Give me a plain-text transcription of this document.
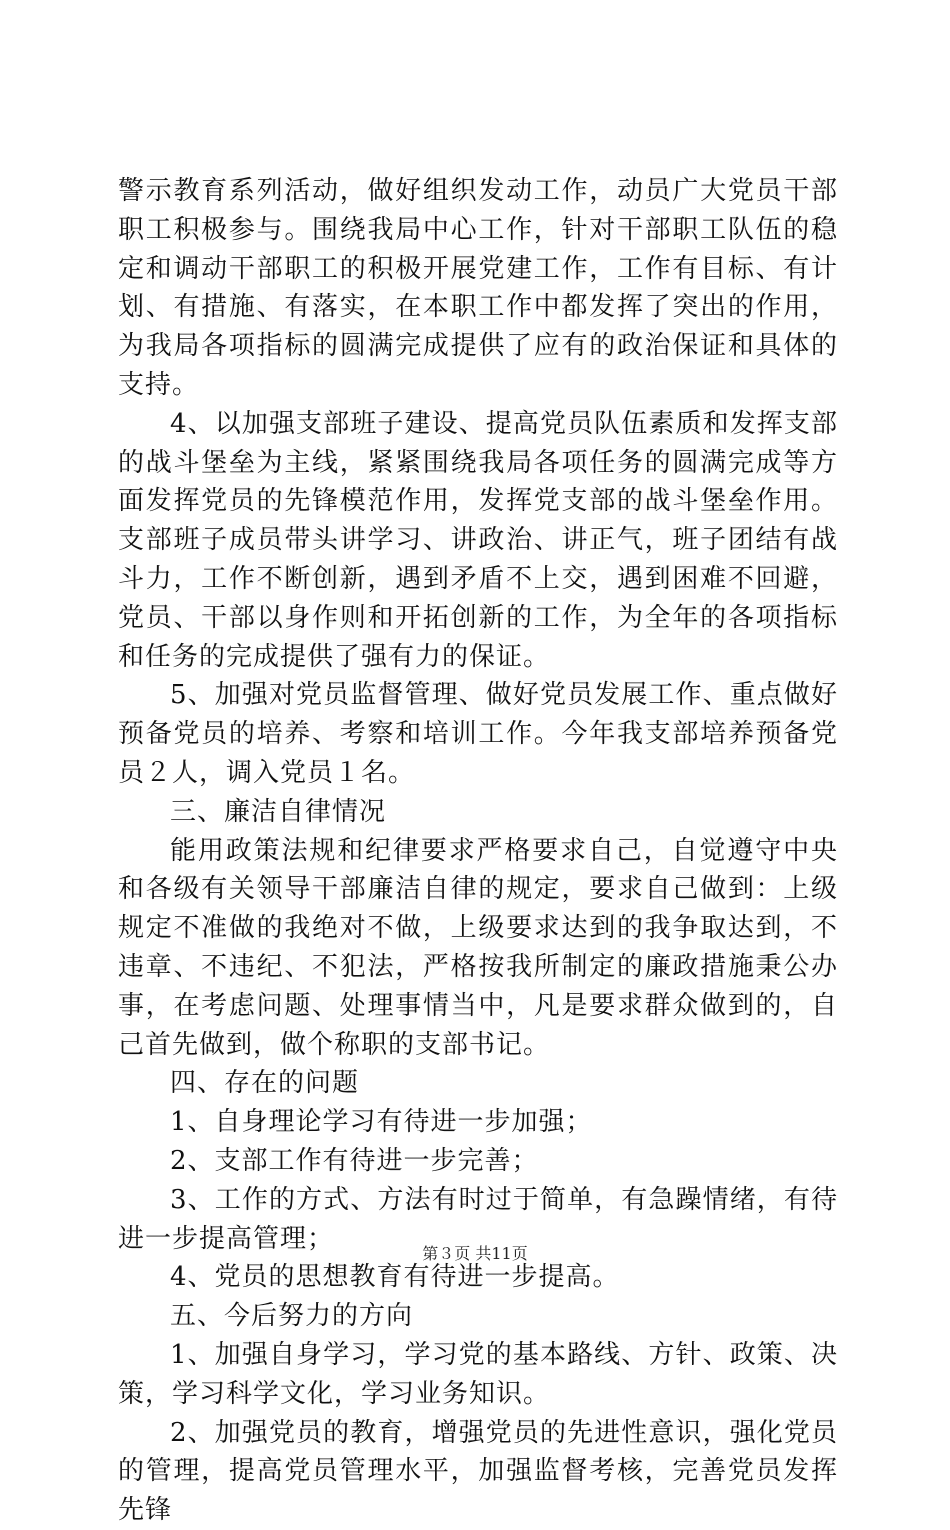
警示教育系列活动，做好组织发动工作，动员广大党员干部职工积极参与。围绕我局中心工作，针对干部职工队伍的稳定和调动干部职工的积极开展党建工作，工作有目标、有计划、有措施、有落实，在本职工作中都发挥了突出的作用，为我局各项指标的圆满完成提供了应有的政治保证和具体的支持。

4、以加强支部班子建设、提高党员队伍素质和发挥支部的战斗堡垒为主线，紧紧围绕我局各项任务的圆满完成等方面发挥党员的先锋模范作用，发挥党支部的战斗堡垒作用。支部班子成员带头讲学习、讲政治、讲正气，班子团结有战斗力，工作不断创新，遇到矛盾不上交，遇到困难不回避，党员、干部以身作则和开拓创新的工作，为全年的各项指标和任务的完成提供了强有力的保证。

5、加强对党员监督管理、做好党员发展工作、重点做好预备党员的培养、考察和培训工作。今年我支部培养预备党员２人，调入党员１名。

三、廉洁自律情况

能用政策法规和纪律要求严格要求自己，自觉遵守中央和各级有关领导干部廉洁自律的规定，要求自己做到：上级规定不准做的我绝对不做，上级要求达到的我争取达到，不违章、不违纪、不犯法，严格按我所制定的廉政措施秉公办事，在考虑问题、处理事情当中，凡是要求群众做到的，自己首先做到，做个称职的支部书记。

四、存在的问题

1、自身理论学习有待进一步加强；

2、支部工作有待进一步完善；

3、工作的方式、方法有时过于简单，有急躁情绪，有待进一步提高管理；

4、党员的思想教育有待进一步提高。

五、今后努力的方向

1、加强自身学习，学习党的基本路线、方针、政策、决策，学习科学文化，学习业务知识。

2、加强党员的教育，增强党员的先进性意识，强化党员的管理，提高党员管理水平，加强监督考核，完善党员发挥先锋

第３页 共11页
